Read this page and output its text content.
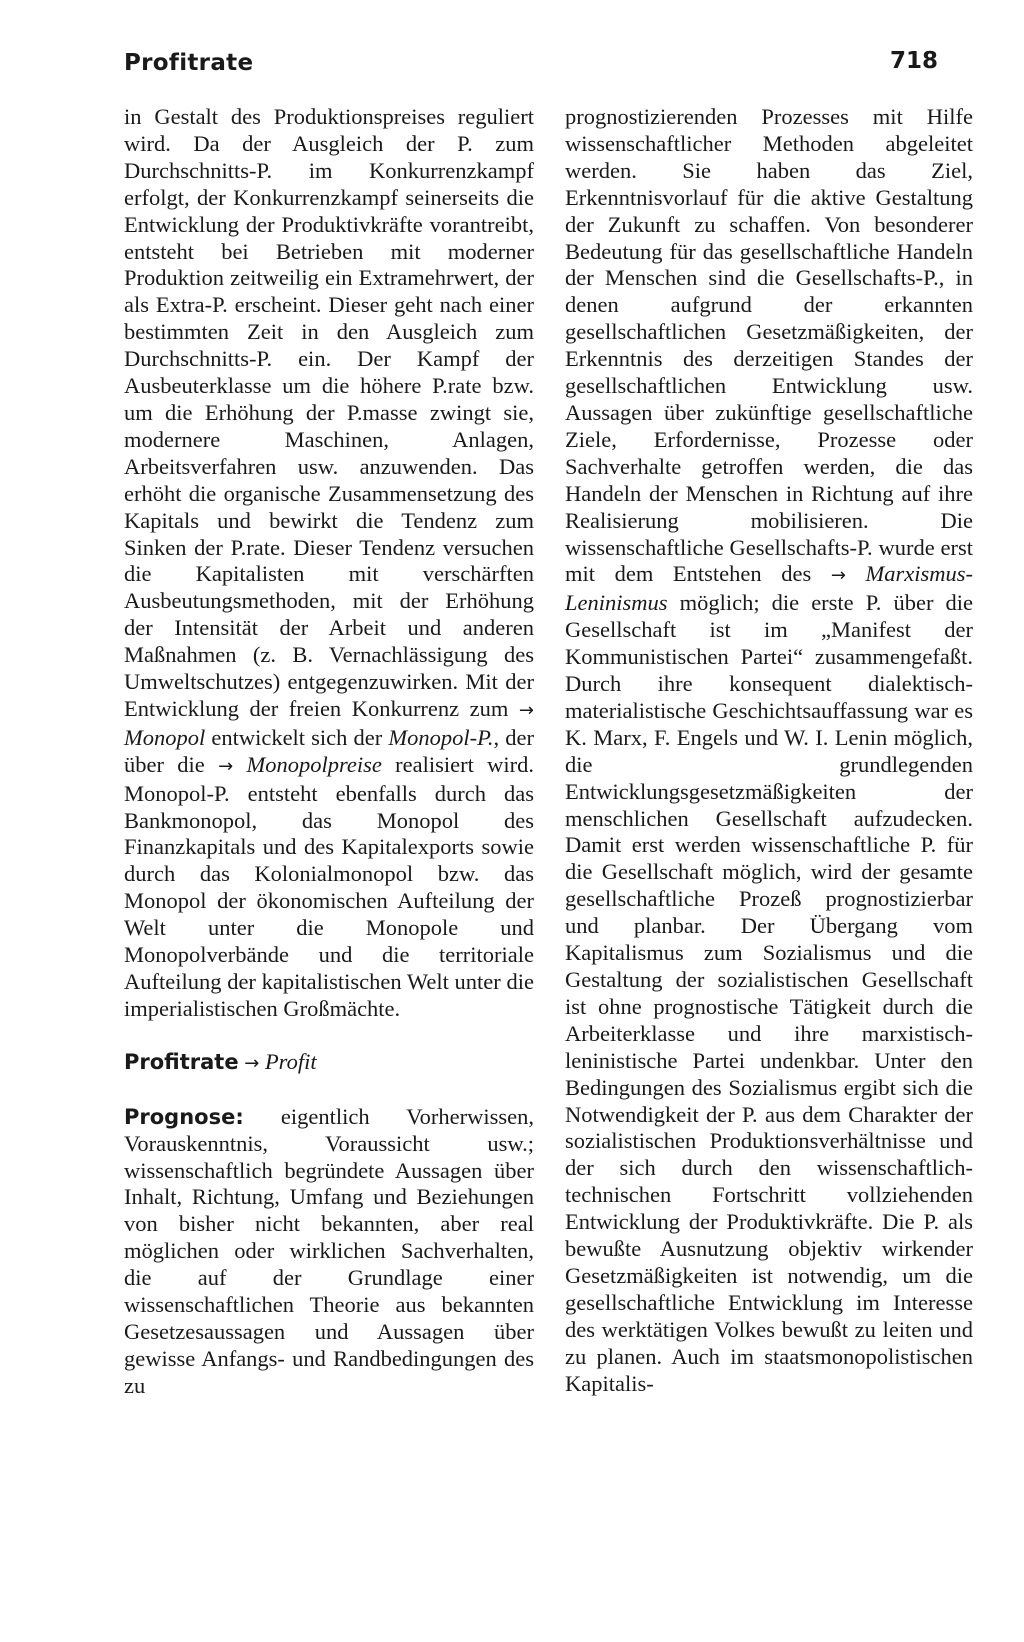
Profitrate	718

in Gestalt des Produktionspreises reguliert wird. Da der Ausgleich der P. zum Durchschnitts-P. im Konkurrenzkampf erfolgt, der Konkurrenzkampf seinerseits die Entwicklung der Produktivkräfte vorantreibt, entsteht bei Betrieben mit moderner Produktion zeitweilig ein Extramehrwert, der als Extra-P. erscheint. Dieser geht nach einer bestimmten Zeit in den Ausgleich zum Durchschnitts-P. ein. Der Kampf der Ausbeuterklasse um die höhere P.rate bzw. um die Erhöhung der P.masse zwingt sie, modernere Maschinen, Anlagen, Arbeitsverfahren usw. anzuwenden. Das erhöht die organische Zusammensetzung des Kapitals und bewirkt die Tendenz zum Sinken der P.rate. Dieser Tendenz versuchen die Kapitalisten mit verschärften Ausbeutungsmethoden, mit der Erhöhung der Intensität der Arbeit und anderen Maßnahmen (z. B. Vernachlässigung des Umweltschutzes) entgegenzuwirken. Mit der Entwicklung der freien Konkurrenz zum → Monopol entwickelt sich der Monopol-P., der über die → Monopolpreise realisiert wird. Monopol-P. entsteht ebenfalls durch das Bankmonopol, das Monopol des Finanzkapitals und des Kapitalexports sowie durch das Kolonialmonopol bzw. das Monopol der ökonomischen Aufteilung der Welt unter die Monopole und Monopolverbände und die territoriale Aufteilung der kapitalistischen Welt unter die imperialistischen Großmächte.

Profitrate → Profit

Prognose: eigentlich Vorherwissen, Vorauskenntnis, Voraussicht usw.; wissenschaftlich begründete Aussagen über Inhalt, Richtung, Umfang und Beziehungen von bisher nicht bekannten, aber real möglichen oder wirklichen Sachverhalten, die auf der Grundlage einer wissenschaftlichen Theorie aus bekannten Gesetzesaussagen und Aussagen über gewisse Anfangs- und Randbedingungen des zu

prognostizierenden Prozesses mit Hilfe wissenschaftlicher Methoden abgeleitet werden. Sie haben das Ziel, Erkenntnisvorlauf für die aktive Gestaltung der Zukunft zu schaffen. Von besonderer Bedeutung für das gesellschaftliche Handeln der Menschen sind die Gesellschafts-P., in denen aufgrund der erkannten gesellschaftlichen Gesetzmäßigkeiten, der Erkenntnis des derzeitigen Standes der gesellschaftlichen Entwicklung usw. Aussagen über zukünftige gesellschaftliche Ziele, Erfordernisse, Prozesse oder Sachverhalte getroffen werden, die das Handeln der Menschen in Richtung auf ihre Realisierung mobilisieren. Die wissenschaftliche Gesellschafts-P. wurde erst mit dem Entstehen des → Marxismus-Leninismus möglich; die erste P. über die Gesellschaft ist im „Manifest der Kommunistischen Partei“ zusammengefaßt. Durch ihre konsequent dialektisch-materialistische Geschichtsauffassung war es K. Marx, F. Engels und W. I. Lenin möglich, die grundlegenden Entwicklungsgesetzmäßigkeiten der menschlichen Gesellschaft aufzudecken. Damit erst werden wissenschaftliche P. für die Gesellschaft möglich, wird der gesamte gesellschaftliche Prozeß prognostizierbar und planbar. Der Übergang vom Kapitalismus zum Sozialismus und die Gestaltung der sozialistischen Gesellschaft ist ohne prognostische Tätigkeit durch die Arbeiterklasse und ihre marxistisch-leninistische Partei undenkbar. Unter den Bedingungen des Sozialismus ergibt sich die Notwendigkeit der P. aus dem Charakter der sozialistischen Produktionsverhältnisse und der sich durch den wissenschaftlich-technischen Fortschritt vollziehenden Entwicklung der Produktivkräfte. Die P. als bewußte Ausnutzung objektiv wirkender Gesetzmäßigkeiten ist notwendig, um die gesellschaftliche Entwicklung im Interesse des werktätigen Volkes bewußt zu leiten und zu planen. Auch im staatsmonopolistischen Kapitalis-
